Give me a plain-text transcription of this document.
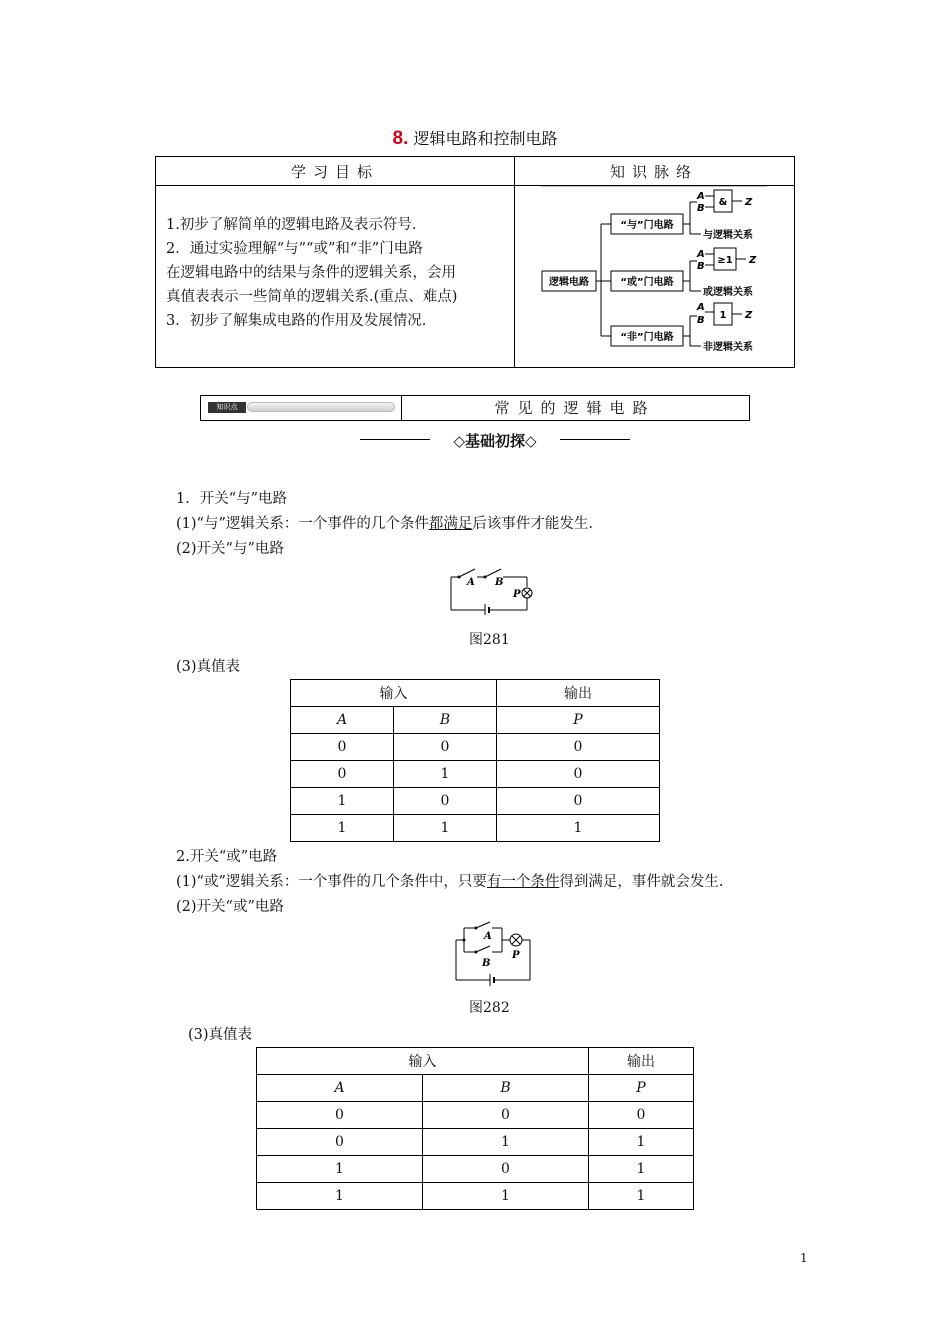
8. 逻辑电路和控制电路
学习目标	知识脉络
1.初步了解简单的逻辑电路及表示符号.
2．通过实验理解“与”“或”和“非”门电路
在逻辑电路中的结果与条件的逻辑关系，会用
真值表表示一些简单的逻辑关系.(重点、难点)
3．初步了解集成电路的作用及发展情况.
逻辑电路
“与”门电路
“或”门电路
“非”门电路
A
B
& Z
与逻辑关系
A
B
≥1 Z
或逻辑关系
A
B 1 Z
非逻辑关系
知识点	常见的逻辑电路
◇基础初探◇
1．开关“与”电路
(1)“与”逻辑关系：一个事件的几个条件都满足后该事件才能发生.
(2)开关“与”电路
A B
P
图281
(3)真值表
输入		输出
A	B	P
0	0	0
0	1	0
1	0	0
1	1	1
2.开关“或”电路
(1)“或”逻辑关系：一个事件的几个条件中，只要有一个条件得到满足，事件就会发生.
(2)开关“或”电路
A
B
P
图282
(3)真值表
输入		输出
A	B	P
0	0	0
0	1	1
1	0	1
1	1	1
1
